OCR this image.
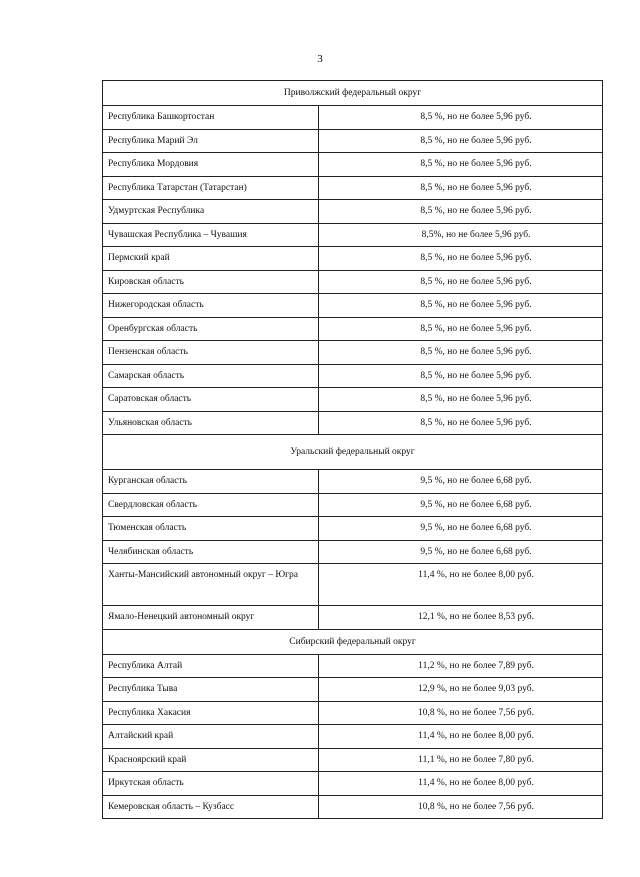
3
Приволжский федеральный округ	
Республика Башкортостан	8,5 %, но не более 5,96 руб.
Республика Марий Эл	8,5 %, но не более 5,96 руб.
Республика Мордовия	8,5 %, но не более 5,96 руб.
Республика Татарстан (Татарстан)	8,5 %, но не более 5,96 руб.
Удмуртская Республика	8,5 %, но не более 5,96 руб.
Чувашская Республика – Чувашия	8,5%, но не более 5,96 руб.
Пермский край	8,5 %, но не более 5,96 руб.
Кировская область	8,5 %, но не более 5,96 руб.
Нижегородская область	8,5 %, но не более 5,96 руб.
Оренбургская область	8,5 %, но не более 5,96 руб.
Пензенская область	8,5 %, но не более 5,96 руб.
Самарская область	8,5 %, но не более 5,96 руб.
Саратовская область	8,5 %, но не более 5,96 руб.
Ульяновская область	8,5 %, но не более 5,96 руб.
Уральский федеральный округ	
Курганская область	9,5 %, но не более 6,68 руб.
Свердловская область	9,5 %, но не более 6,68 руб.
Тюменская область	9,5 %, но не более 6,68 руб.
Челябинская область	9,5 %, но не более 6,68 руб.
Ханты-Мансийский автономный округ – Югра	11,4 %, но не более 8,00 руб.
Ямало-Ненецкий автономный округ	12,1 %, но не более 8,53 руб.
Сибирский федеральный округ	
Республика Алтай	11,2 %, но не более 7,89 руб.
Республика Тыва	12,9 %, но не более 9,03 руб.
Республика Хакасия	10,8 %, но не более 7,56 руб.
Алтайский край	11,4 %, но не более 8,00 руб.
Красноярский край	11,1 %, но не более 7,80 руб.
Иркутская область	11,4 %, но не более 8,00 руб.
Кемеровская область – Кузбасс	10,8 %, но не более 7,56 руб.
